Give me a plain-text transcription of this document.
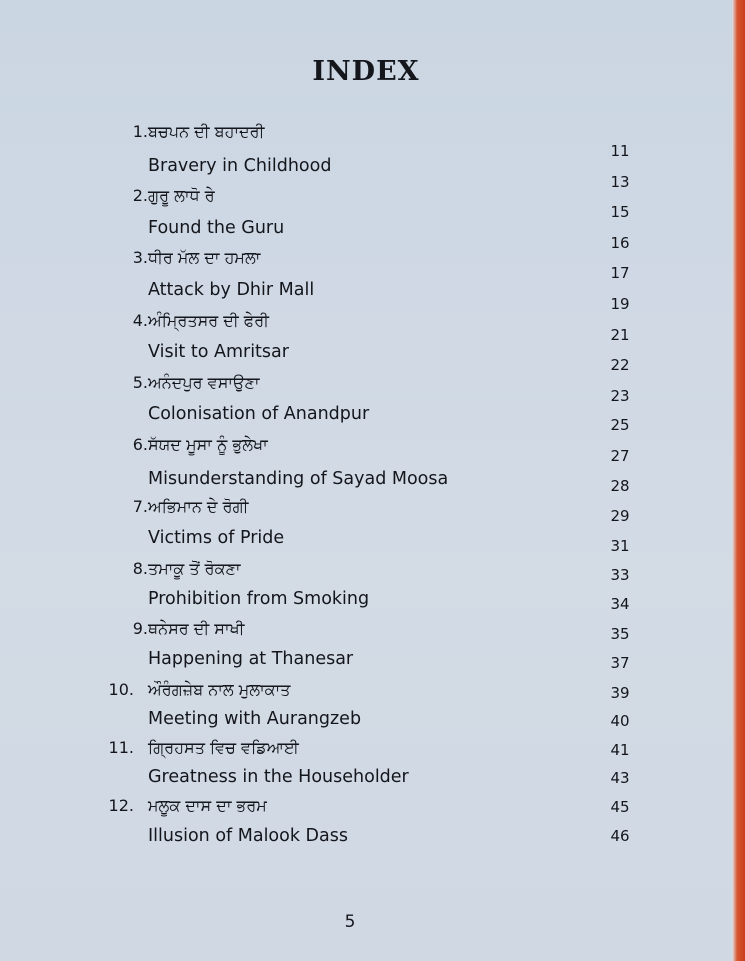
INDEX
1. ਬਚਪਨ ਦੀ ਬਹਾਦਰੀ
Bravery in Childhood
2. ਗੁਰੂ ਲਾਧੋ ਰੇ
Found the Guru
3. ਧੀਰ ਮੱਲ ਦਾ ਹਮਲਾ
Attack by Dhir Mall
4. ਅੰਮ੍ਰਿਤਸਰ ਦੀ ਫੇਰੀ
Visit to Amritsar
5. ਅਨੰਦਪੁਰ ਵਸਾਉਣਾ
Colonisation of Anandpur
6. ਸੱਯਦ ਮੂਸਾ ਨੂੰ ਭੁਲੇਖਾ
Misunderstanding of Sayad Moosa
7. ਅਭਿਮਾਨ ਦੇ ਰੋਗੀ
Victims of Pride
8. ਤਮਾਕੂ ਤੋਂ ਰੋਕਣਾ
Prohibition from Smoking
9. ਥਨੇਸਰ ਦੀ ਸਾਖੀ
Happening at Thanesar
10. ਔਰੰਗਜ਼ੇਬ ਨਾਲ ਮੁਲਾਕਾਤ
Meeting with Aurangzeb
11. ਗ੍ਰਿਹਸਤ ਵਿਚ ਵਡਿਆਈ
Greatness in the Householder
12. ਮਲੂਕ ਦਾਸ ਦਾ ਭਰਮ
Illusion of Malook Dass
11
13
15
16
17
19
21
22
23
25
27
28
29
31
33
34
35
37
39
40
41
43
45
46
5
